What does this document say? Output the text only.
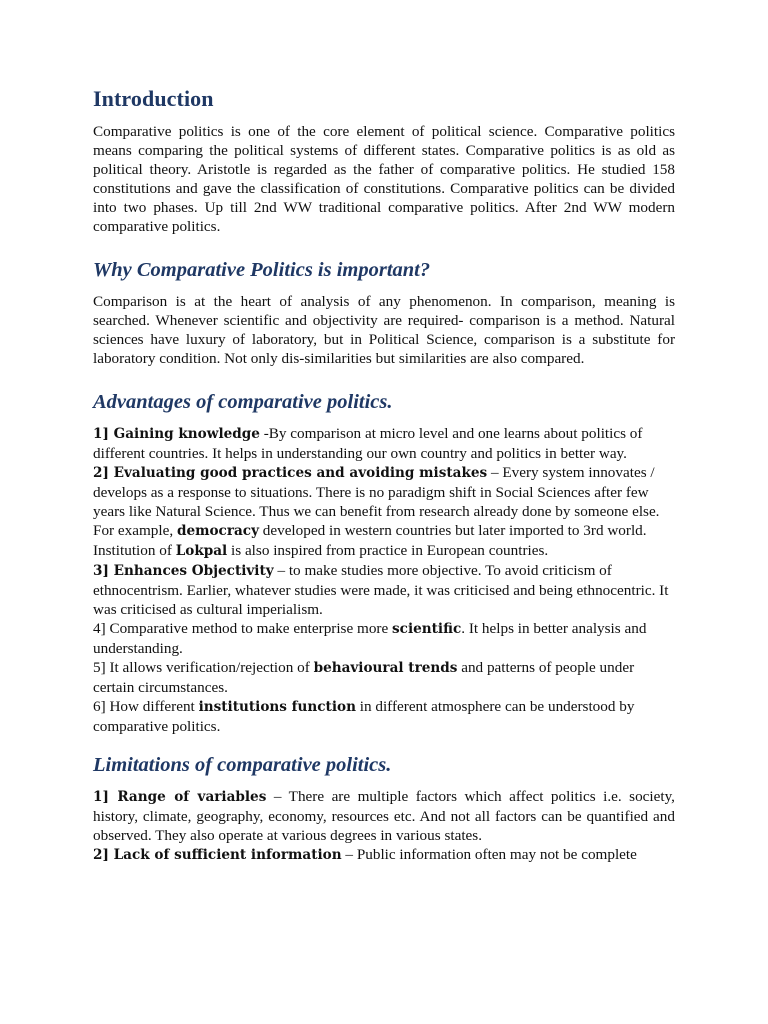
Introduction

Comparative politics is one of the core element of political science. Comparative politics means comparing the political systems of different states. Comparative politics is as old as political theory. Aristotle is regarded as the father of comparative politics. He studied 158 constitutions and gave the classification of constitutions. Comparative politics can be divided into two phases. Up till 2nd WW traditional comparative politics. After 2nd WW modern comparative politics.

Why Comparative Politics is important?

Comparison is at the heart of analysis of any phenomenon. In comparison, meaning is searched. Whenever scientific and objectivity are required- comparison is a method. Natural sciences have luxury of laboratory, but in Political Science, comparison is a substitute for laboratory condition. Not only dis-similarities but similarities are also compared.

Advantages of comparative politics.

1] Gaining knowledge -By comparison at micro level and one learns about politics of different countries. It helps in understanding our own country and politics in better way.

2] Evaluating good practices and avoiding mistakes – Every system innovates / develops as a response to situations. There is no paradigm shift in Social Sciences after few years like Natural Science. Thus we can benefit from research already done by someone else. For example, democracy developed in western countries but later imported to 3rd world. Institution of Lokpal is also inspired from practice in European countries.

3] Enhances Objectivity – to make studies more objective. To avoid criticism of ethnocentrism. Earlier, whatever studies were made, it was criticised and being ethnocentric. It was criticised as cultural imperialism.

4] Comparative method to make enterprise more scientific. It helps in better analysis and understanding.

5] It allows verification/rejection of behavioural trends and patterns of people under certain circumstances.

6] How different institutions function in different atmosphere can be understood by comparative politics.

Limitations of comparative politics.

1] Range of variables – There are multiple factors which affect politics i.e. society, history, climate, geography, economy, resources etc. And not all factors can be quantified and observed. They also operate at various degrees in various states.

2] Lack of sufficient information – Public information often may not be complete
